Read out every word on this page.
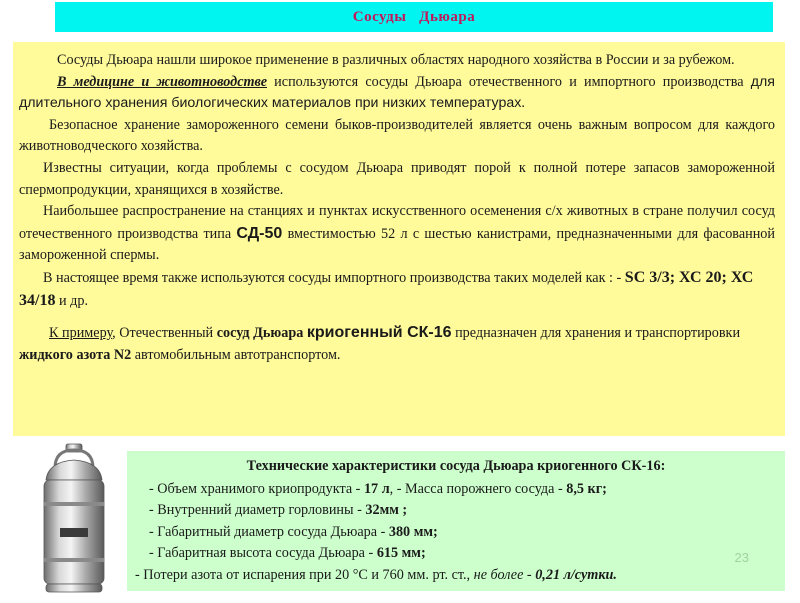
Сосуды   Дьюара

Сосуды Дьюара нашли широкое применение в различных областях народного хозяйства в России и за рубежом.

В медицине и животноводстве используются сосуды Дьюара отечественного и импортного производства для длительного хранения биологических материалов при низких температурах.

Безопасное хранение замороженного семени быков-производителей является очень важным вопросом для каждого животноводческого хозяйства.

Известны ситуации, когда проблемы с сосудом Дьюара приводят порой к полной потере запасов замороженной спермопродукции, хранящихся в хозяйстве.

Наибольшее распространение на станциях и пунктах искусственного осеменения с/х животных в стране получил сосуд отечественного производства типа СД-50 вместимостью 52 л с шестью канистрами, предназначенными для фасованной замороженной спермы.

В настоящее время также используются сосуды импортного производства таких моделей как : - SC 3/3; ХС 20; ХС 34/18 и др.

К примеру, Отечественный сосуд Дьюара криогенный СК-16 предназначен для хранения и транспортировки жидкого азота N2 автомобильным автотранспортом.

Технические характеристики сосуда Дьюара криогенного СК-16:

- Объем хранимого криопродукта - 17 л, - Масса порожнего сосуда - 8,5 кг;

- Внутренний диаметр горловины - 32мм ;

- Габаритный диаметр сосуда Дьюара - 380 мм;

- Габаритная высота сосуда Дьюара - 615 мм;

- Потери азота от испарения при 20 °С и 760 мм. рт. ст., не более - 0,21 л/сутки.

23
